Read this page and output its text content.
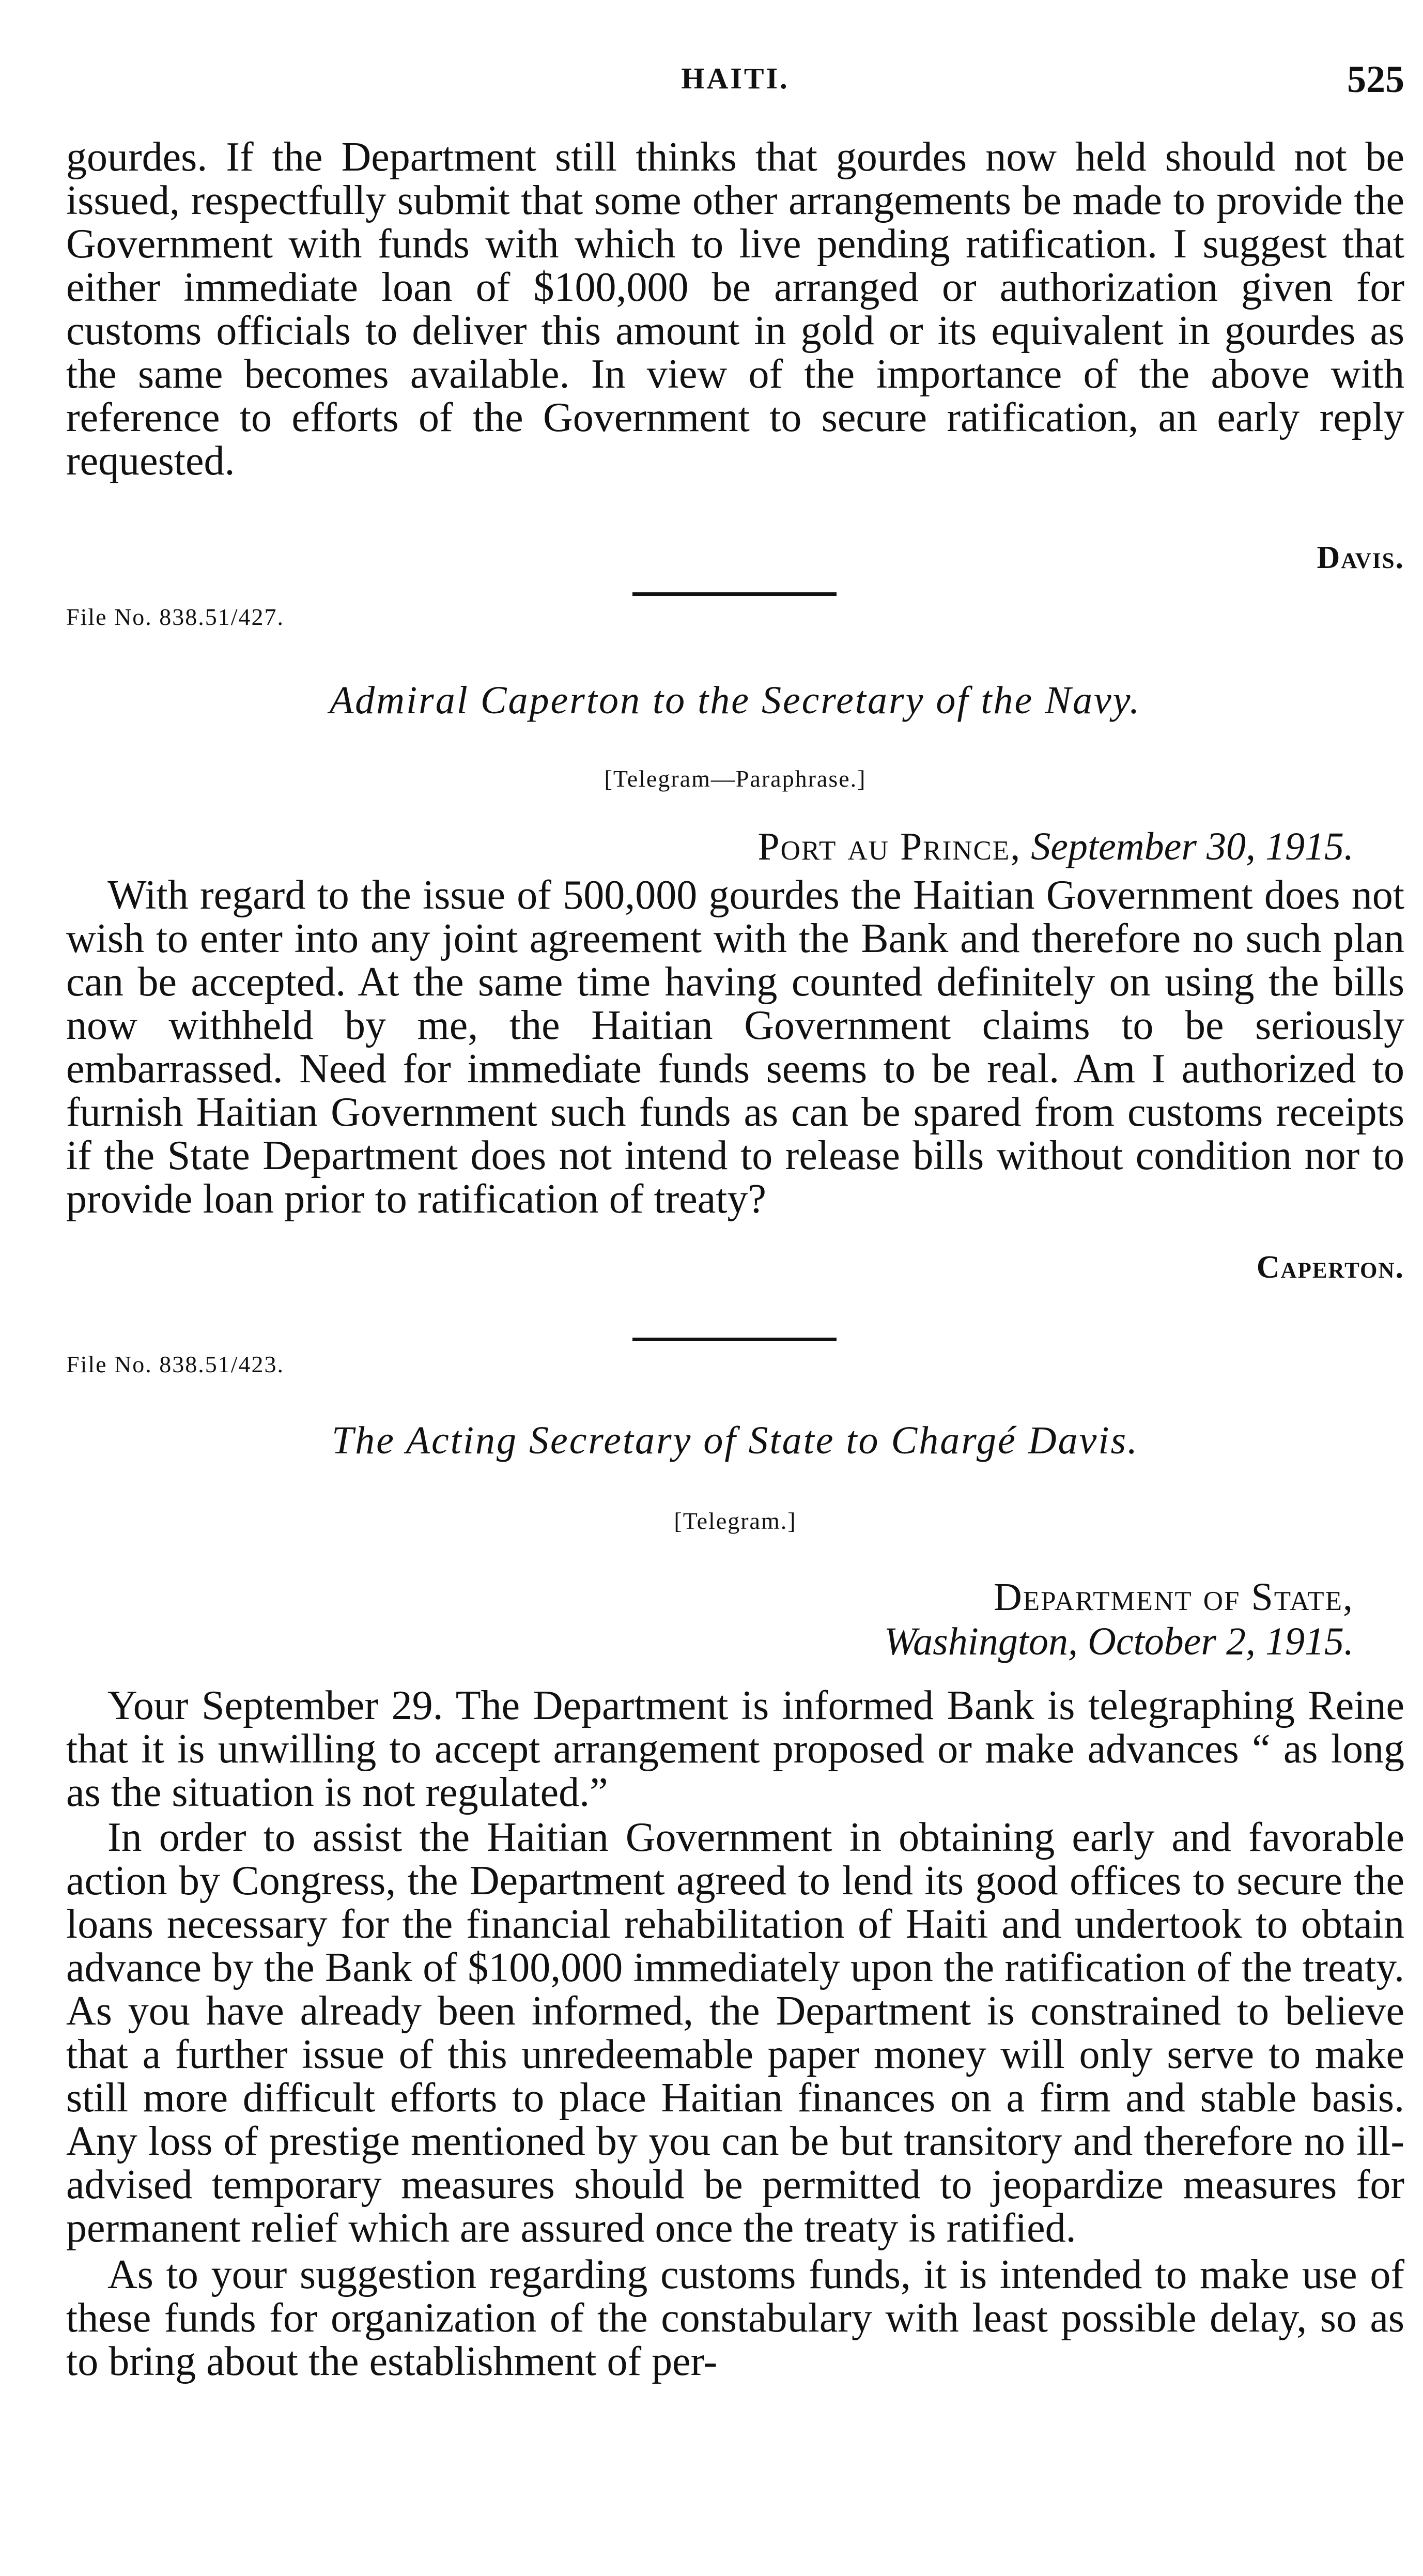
HAITI.	525
gourdes. If the Department still thinks that gourdes now held should not be issued, respectfully submit that some other arrangements be made to provide the Government with funds with which to live pending ratification. I suggest that either immediate loan of $100,000 be arranged or authorization given for customs officials to deliver this amount in gold or its equivalent in gourdes as the same becomes available. In view of the importance of the above with reference to efforts of the Government to secure ratification, an early reply requested.
Davis.
File No. 838.51/427.
Admiral Caperton to the Secretary of the Navy.
[Telegram—Paraphrase.]
Port au Prince, September 30, 1915.
With regard to the issue of 500,000 gourdes the Haitian Government does not wish to enter into any joint agreement with the Bank and therefore no such plan can be accepted. At the same time having counted definitely on using the bills now withheld by me, the Haitian Government claims to be seriously embarrassed. Need for immediate funds seems to be real. Am I authorized to furnish Haitian Government such funds as can be spared from customs receipts if the State Department does not intend to release bills without condition nor to provide loan prior to ratification of treaty?
Caperton.
File No. 838.51/423.
The Acting Secretary of State to Chargé Davis.
[Telegram.]
Department of State,
Washington, October 2, 1915.
Your September 29. The Department is informed Bank is telegraphing Reine that it is unwilling to accept arrangement proposed or make advances “ as long as the situation is not regulated.”
In order to assist the Haitian Government in obtaining early and favorable action by Congress, the Department agreed to lend its good offices to secure the loans necessary for the financial rehabilitation of Haiti and undertook to obtain advance by the Bank of $100,000 immediately upon the ratification of the treaty. As you have already been informed, the Department is constrained to believe that a further issue of this unredeemable paper money will only serve to make still more difficult efforts to place Haitian finances on a firm and stable basis. Any loss of prestige mentioned by you can be but transitory and therefore no ill-advised temporary measures should be permitted to jeopardize measures for permanent relief which are assured once the treaty is ratified.
As to your suggestion regarding customs funds, it is intended to make use of these funds for organization of the constabulary with least possible delay, so as to bring about the establishment of per-
